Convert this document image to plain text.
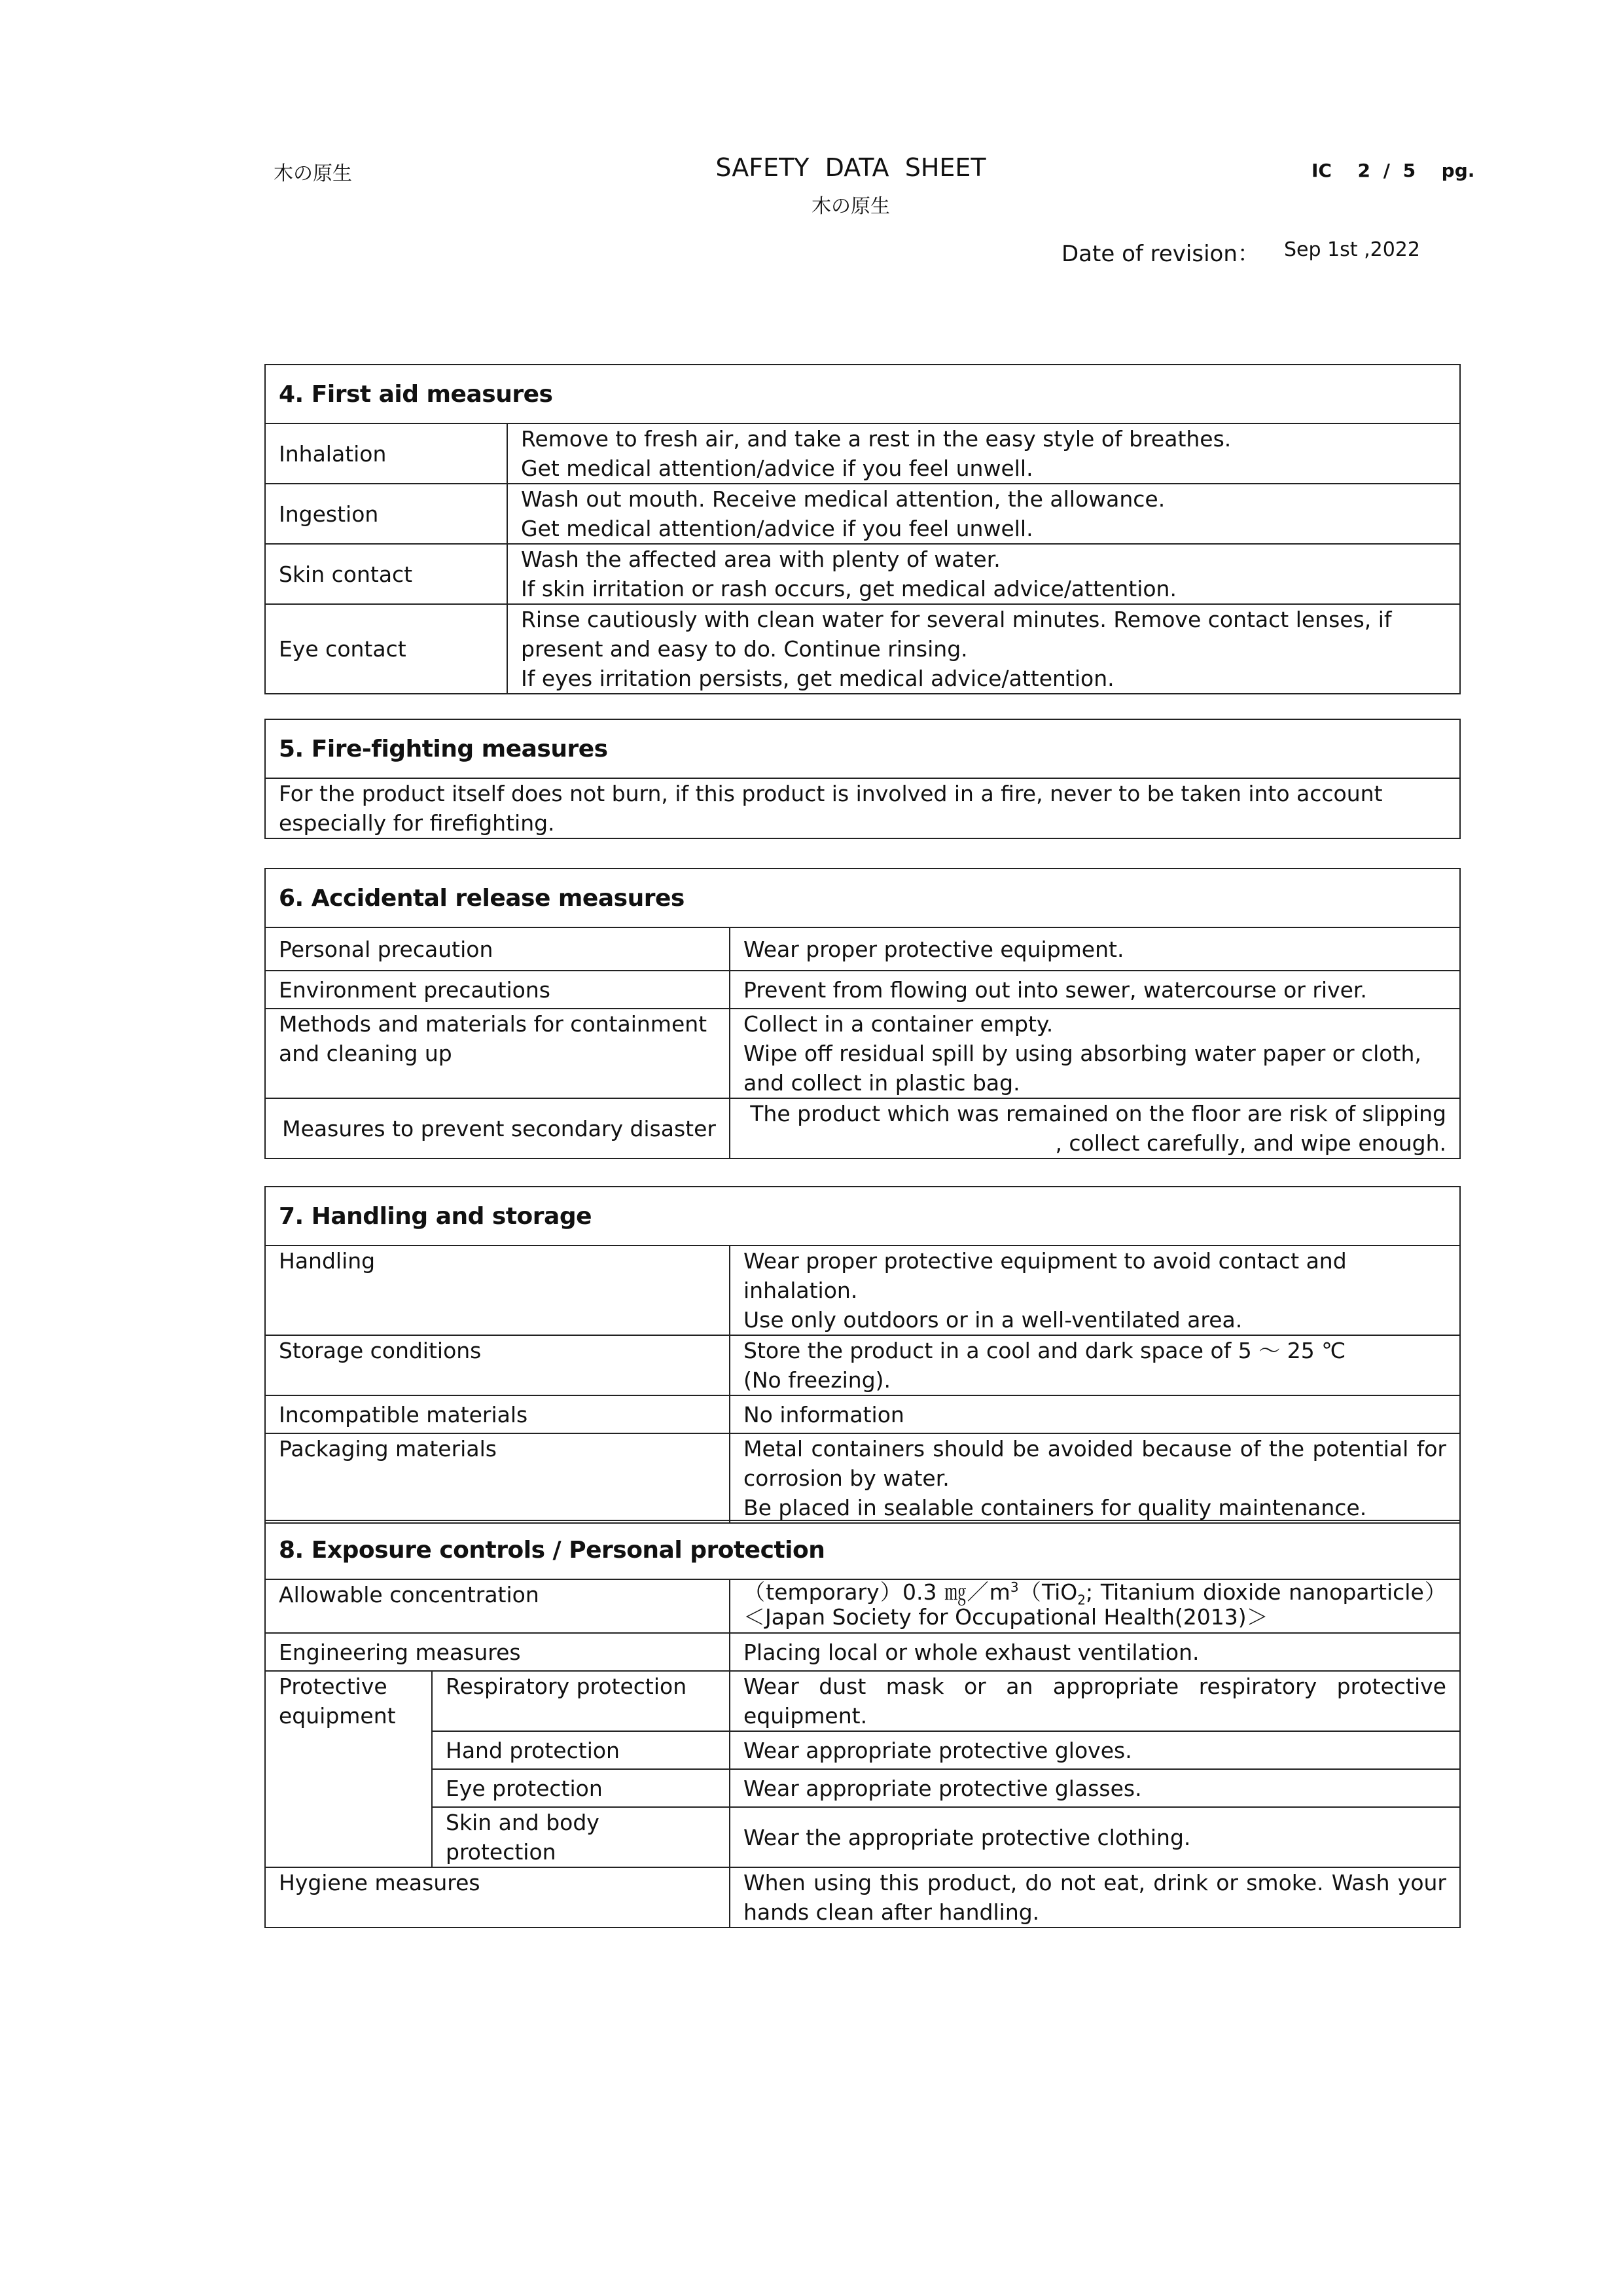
木の原生	SAFETY  DATA  SHEET
木の原生
IC  2 / 5  pg.
Date of revision： Sep 1st ,2022
4. First aid measures	
Inhalation	Remove to fresh air, and take a rest in the easy style of breathes.
Get medical attention/advice if you feel unwell.
Ingestion	Wash out mouth. Receive medical attention, the allowance.
Get medical attention/advice if you feel unwell.
Skin contact	Wash the affected area with plenty of water.
If skin irritation or rash occurs, get medical advice/attention.
Eye contact	Rinse cautiously with clean water for several minutes. Remove contact lenses, if present and easy to do. Continue rinsing.
If eyes irritation persists, get medical advice/attention.
5. Fire-fighting measures
For the product itself does not burn, if this product is involved in a fire, never to be taken into account especially for firefighting.
6. Accidental release measures	
Personal precaution	Wear proper protective equipment.
Environment precautions	Prevent from flowing out into sewer, watercourse or river.
Methods and materials for containment and cleaning up	Collect in a container empty.
Wipe off residual spill by using absorbing water paper or cloth, and collect in plastic bag.
Measures to prevent secondary disaster	The product which was remained on the floor are risk of slipping , collect carefully, and wipe enough.
7. Handling and storage	
Handling	Wear proper protective equipment to avoid contact and inhalation.
Use only outdoors or in a well-ventilated area.
Storage conditions	Store the product in a cool and dark space of 5 ～ 25 ℃
(No freezing).
Incompatible materials	No information
Packaging materials	Metal containers should be avoided because of the potential for corrosion by water.
Be placed in sealable containers for quality maintenance.
8. Exposure controls / Personal protection		
Allowable concentration		（temporary）0.3 $㎎/m^3(TiO_2$; Titanium dioxide nanoparticle）
＜Japan Society for Occupational Health(2013)＞

Engineering measures		Placing local or whole exhaust ventilation.
Protective equipment	Respiratory protection	Wear dust mask or an appropriate respiratory protective equipment.
	Hand protection	Wear appropriate protective gloves.
	Eye protection	Wear appropriate protective glasses.
	Skin and body protection	Wear the appropriate protective clothing.
Hygiene measures		When using this product, do not eat, drink or smoke. Wash your hands clean after handling.
